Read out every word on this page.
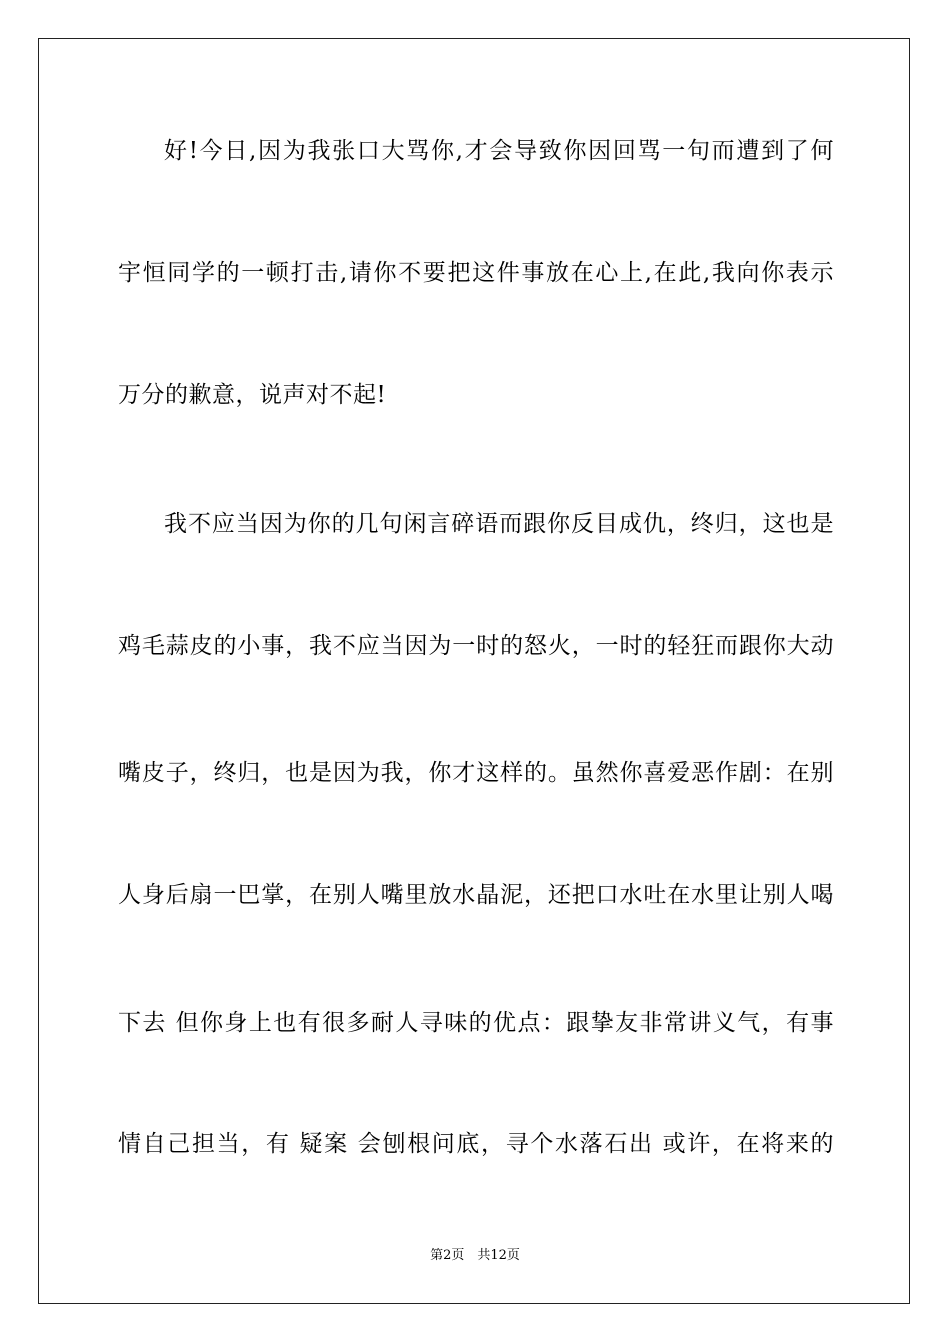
好!今日,因为我张口大骂你,才会导致你因回骂一句而遭到了何
宇恒同学的一顿打击,请你不要把这件事放在心上,在此,我向你表示
万分的歉意，说声对不起!
我不应当因为你的几句闲言碎语而跟你反目成仇，终归，这也是
鸡毛蒜皮的小事，我不应当因为一时的怒火，一时的轻狂而跟你大动
嘴皮子，终归，也是因为我，你才这样的。虽然你喜爱恶作剧：在别
人身后扇一巴掌，在别人嘴里放水晶泥，还把口水吐在水里让别人喝
下去 但你身上也有很多耐人寻味的优点：跟挚友非常讲义气，有事
情自己担当，有 疑案 会刨根问底，寻个水落石出 或许，在将来的
第2页　共12页
